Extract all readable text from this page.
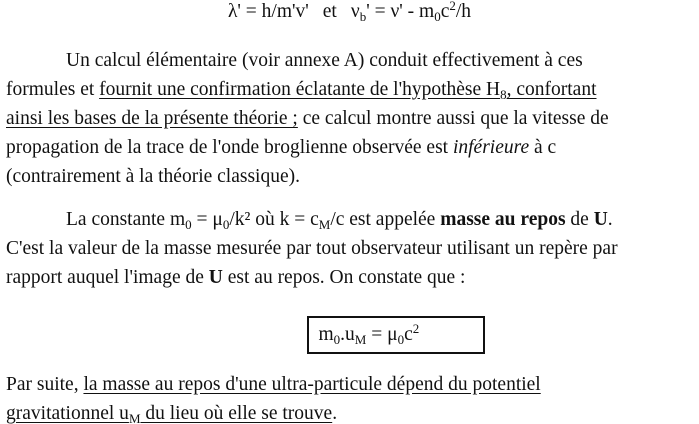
λ' = h/m'v' et $\nu_b' = \nu' - m_0c^2/h$
Un calcul élémentaire (voir annexe A) conduit effectivement à ces
formules et fournit une confirmation éclatante de l'hypothèse $H_8$, confortant
ainsi les bases de la présente théorie ; ce calcul montre aussi que la vitesse de
propagation de la trace de l'onde broglienne observée est inférieure à c
(contrairement à la théorie classique).
La constante $m_0 = \mu_0/k^2$ où $k = c_M/c$ est appelée masse au repos de U.
C'est la valeur de la masse mesurée par tout observateur utilisant un repère par
rapport auquel l'image de U est au repos. On constate que :
$m_0.u_M = \mu_0c^2$
Par suite, la masse au repos d'une ultra-particule dépend du potentiel
gravitationnel $u_M$ du lieu où elle se trouve.
